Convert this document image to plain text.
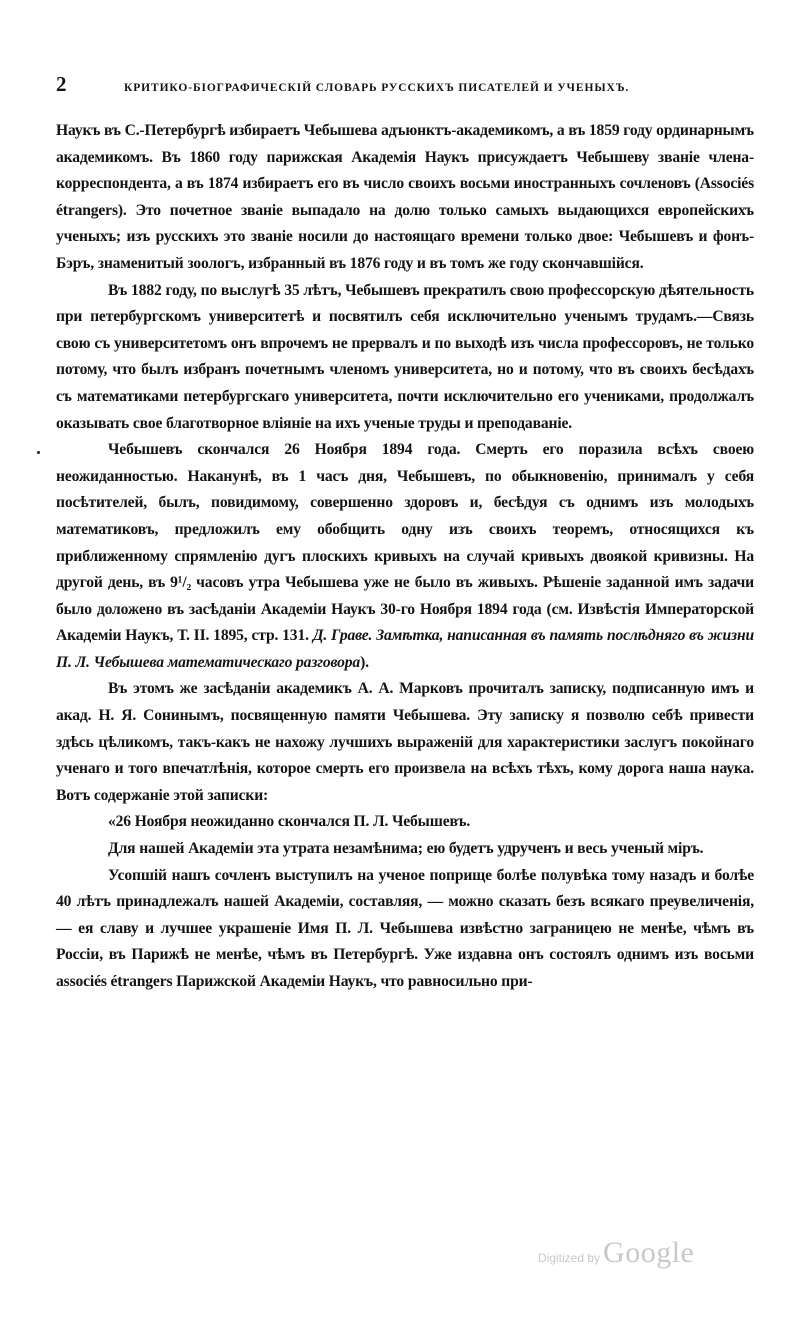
2	КРИТИКО-БІОГРАФИЧЕСКІЙ СЛОВАРЬ РУССКИХЪ ПИСАТЕЛЕЙ И УЧЕНЫХЪ.

Наукъ въ С.-Петербургѣ избираетъ Чебышева адъюнктъ-академикомъ, а въ 1859 году ординарнымъ академикомъ. Въ 1860 году парижская Академія Наукъ присуждаетъ Чебышеву званіе члена-корреспондента, а въ 1874 избираетъ его въ число своихъ восьми иностранныхъ сочленовъ (Associés étrangers). Это почетное званіе выпадало на долю только самыхъ выдающихся европейскихъ ученыхъ; изъ русскихъ это званіе носили до настоящаго времени только двое: Чебышевъ и фонъ-Бэръ, знаменитый зоологъ, избранный въ 1876 году и въ томъ же году скончавшійся.

Въ 1882 году, по выслугѣ 35 лѣтъ, Чебышевъ прекратилъ свою профессорскую дѣятельность при петербургскомъ университетѣ и посвятилъ себя исключительно ученымъ трудамъ.—Связь свою съ университетомъ онъ впрочемъ не прервалъ и по выходѣ изъ числа профессоровъ, не только потому, что былъ избранъ почетнымъ членомъ университета, но и потому, что въ своихъ бесѣдахъ съ математиками петербургскаго университета, почти исключительно его учениками, продолжалъ оказывать свое благотворное вліяніе на ихъ ученые труды и преподаваніе.

Чебышевъ скончался 26 Ноября 1894 года. Смерть его поразила всѣхъ своею неожиданностью. Наканунѣ, въ 1 часъ дня, Чебышевъ, по обыкновенію, принималъ у себя посѣтителей, былъ, повидимому, совершенно здоровъ и, бесѣдуя съ однимъ изъ молодыхъ математиковъ, предложилъ ему обобщить одну изъ своихъ теоремъ, относящихся къ приближенному спрямленію дугъ плоскихъ кривыхъ на случай кривыхъ двоякой кривизны. На другой день, въ 9¹/₂ часовъ утра Чебышева уже не было въ живыхъ. Рѣшеніе заданной имъ задачи было доложено въ засѣданіи Академіи Наукъ 30-го Ноября 1894 года (см. Извѣстія Императорской Академіи Наукъ, Т. II. 1895, стр. 131. Д. Граве. Замѣтка, написанная въ память послѣдняго въ жизни П. Л. Чебышева математическаго разговора).

Въ этомъ же засѣданіи академикъ А. А. Марковъ прочиталъ записку, подписанную имъ и акад. Н. Я. Сонинымъ, посвященную памяти Чебышева. Эту записку я позволю себѣ привести здѣсь цѣликомъ, такъ-какъ не нахожу лучшихъ выраженій для характеристики заслугъ покойнаго ученаго и того впечатлѣнія, которое смерть его произвела на всѣхъ тѣхъ, кому дорога наша наука. Вотъ содержаніе этой записки:

«26 Ноября неожиданно скончался П. Л. Чебышевъ.

Для нашей Академіи эта утрата незамѣнима; ею будетъ удрученъ и весь ученый міръ.

Усопшій нашъ сочленъ выступилъ на ученое поприще болѣе полувѣка тому назадъ и болѣе 40 лѣтъ принадлежалъ нашей Академіи, составляя, — можно сказать безъ всякаго преувеличенія, — ея славу и лучшее украшеніе Имя П. Л. Чебышева извѣстно заграницею не менѣе, чѣмъ въ Россіи, въ Парижѣ не менѣе, чѣмъ въ Петербургѣ. Уже издавна онъ состоялъ однимъ изъ восьми associés étrangers Парижской Академіи Наукъ, что равносильно при-

Digitized by Google
